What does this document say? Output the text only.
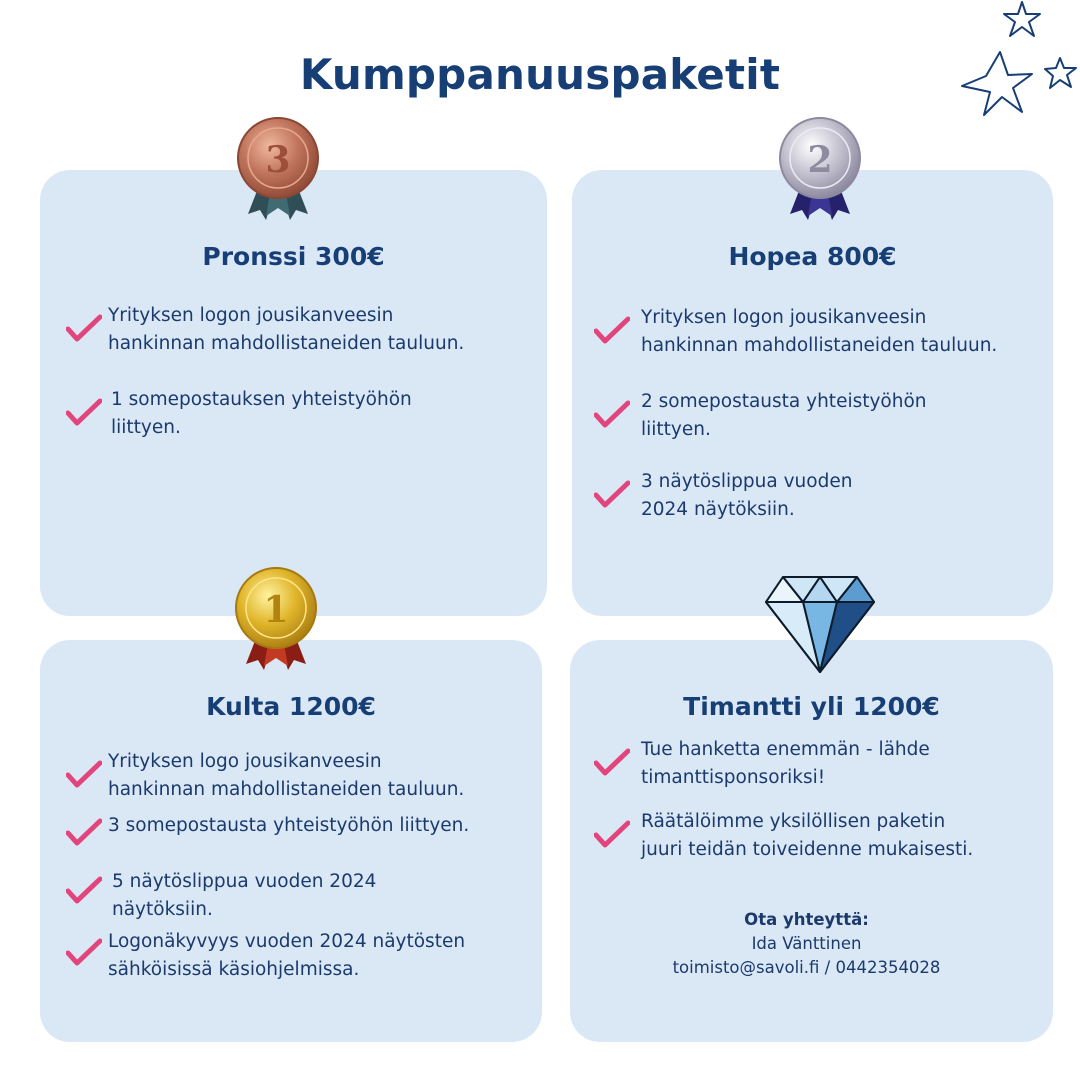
Kumppanuuspaketit
Pronssi 300€
Yrityksen logon jousikanveesin
hankinnan mahdollistaneiden tauluun.
1 somepostauksen yhteistyöhön
liittyen.
Hopea 800€
Yrityksen logon jousikanveesin
hankinnan mahdollistaneiden tauluun.
2 somepostausta yhteistyöhön
liittyen.
3 näytöslippua vuoden
2024 näytöksiin.
Kulta 1200€
Yrityksen logo jousikanveesin
hankinnan mahdollistaneiden tauluun.
3 somepostausta yhteistyöhön liittyen.
5 näytöslippua vuoden 2024
näytöksiin.
Logonäkyvyys vuoden 2024 näytösten
sähköisissä käsiohjelmissa.
Timantti yli 1200€
Tue hanketta enemmän - lähde
timanttisponsoriksi!
Räätälöimme yksilöllisen paketin
juuri teidän toiveidenne mukaisesti.
Ota yhteyttä:
Ida Vänttinen
toimisto@savoli.fi / 0442354028
3	2
1
